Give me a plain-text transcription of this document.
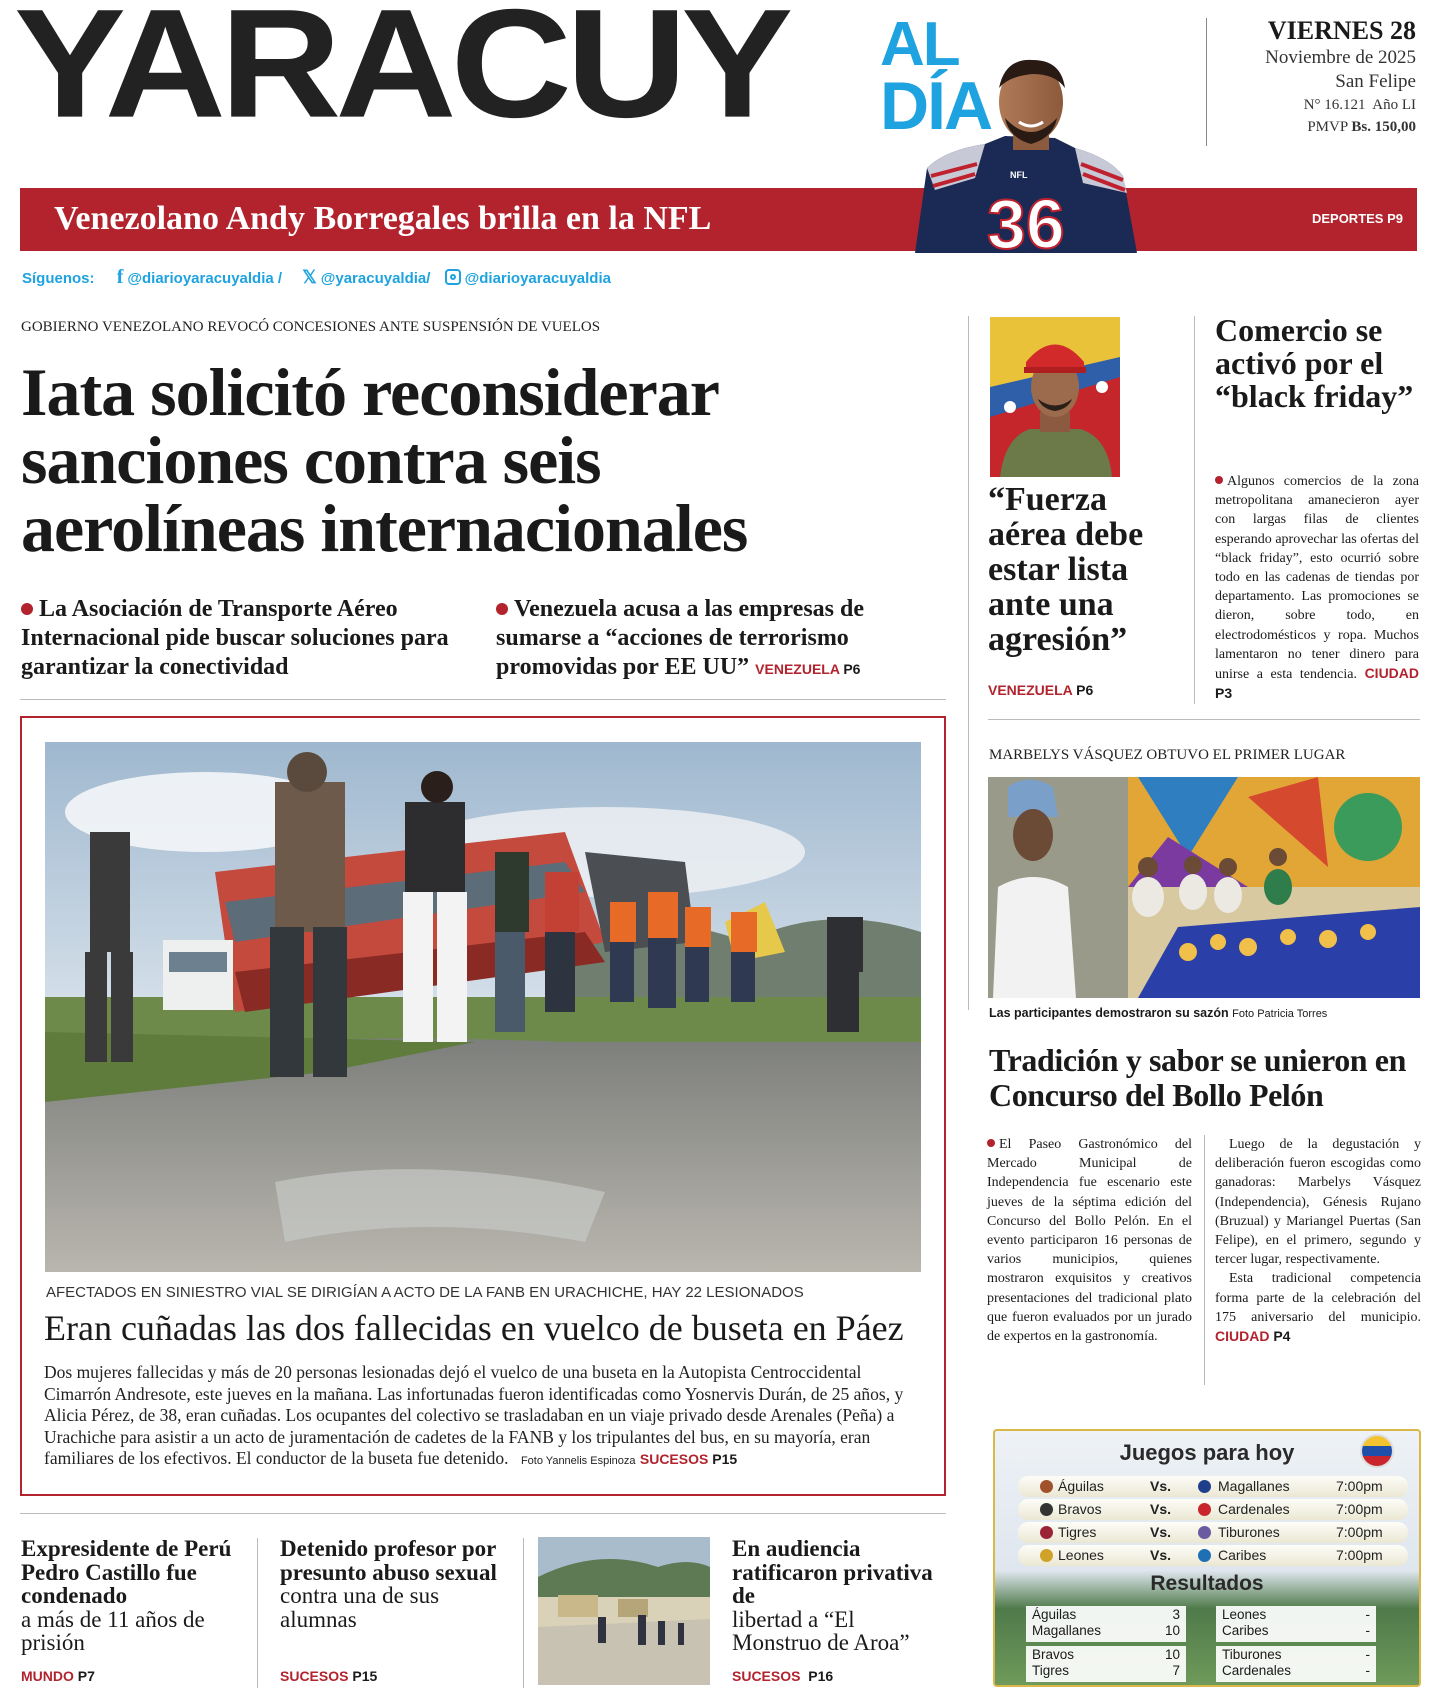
YARACUY AL
DÍA
VIERNES 28
Noviembre de 2025
San Felipe
N° 16.121 Año LI
PMVP Bs. 150,00
Venezolano Andy Borregales brilla en la NFL	DEPORTES P9
NFL
36
Síguenos: f @diarioyaracuyaldia / 𝕏 @yaracuyaldia/ @diarioyaracuyaldia
GOBIERNO VENEZOLANO REVOCÓ CONCESIONES ANTE SUSPENSIÓN DE VUELOS
Iata solicitó reconsiderar
sanciones contra seis
aerolíneas internacionales
La Asociación de Transporte Aéreo Internacional pide buscar soluciones para garantizar la conectividad
Venezuela acusa a las empresas de sumarse a “acciones de terrorismo promovidas por EE UU” VENEZUELA P6
AFECTADOS EN SINIESTRO VIAL SE DIRIGÍAN A ACTO DE LA FANB EN URACHICHE, HAY 22 LESIONADOS
Eran cuñadas las dos fallecidas en vuelco de buseta en Páez
Dos mujeres fallecidas y más de 20 personas lesionadas dejó el vuelco de una buseta en la Autopista Centroccidental Cimarrón Andresote, este jueves en la mañana. Las infortunadas fueron identificadas como Yosnervis Durán, de 25 años, y Alicia Pérez, de 38, eran cuñadas. Los ocupantes del colectivo se trasladaban en un viaje privado desde Arenales (Peña) a Urachiche para asistir a un acto de juramentación de cadetes de la FANB y los tripulantes del bus, en su mayoría, eran familiares de los efectivos. El conductor de la buseta fue detenido. Foto Yannelis Espinoza SUCESOS P15
“Fuerza aérea debe estar lista ante una agresión”
VENEZUELA P6
Comercio se activó por el “black friday”
Algunos comercios de la zona metropolitana amanecieron ayer con largas filas de clientes esperando aprovechar las ofertas del “black friday”, esto ocurrió sobre todo en las cadenas de tiendas por departamento. Las promociones se dieron, sobre todo, en electrodomésticos y ropa. Muchos lamentaron no tener dinero para unirse a esta tendencia. CIUDAD P3
MARBELYS VÁSQUEZ OBTUVO EL PRIMER LUGAR
Las participantes demostraron su sazón Foto Patricia Torres
Tradición y sabor se unieron en Concurso del Bollo Pelón
El Paseo Gastronómico del Mercado Municipal de Independencia fue escenario este jueves de la séptima edición del Concurso del Bollo Pelón. En el evento participaron 16 personas de varios municipios, quienes mostraron exquisitos y creativos presentaciones del tradicional plato que fueron evaluados por un jurado de expertos en la gastronomía.
Luego de la degustación y deliberación fueron escogidas como ganadoras: Marbelys Vásquez (Independencia), Génesis Rujano (Bruzual) y Mariangel Puertas (San Felipe), en el primero, segundo y tercer lugar, respectivamente.
Esta tradicional competencia forma parte de la celebración del 175 aniversario del municipio. CIUDAD P4
Juegos para hoy
Águilas	Vs.	Magallanes	7:00pm
Bravos	Vs.	Cardenales	7:00pm
Tigres	Vs.	Tiburones	7:00pm
Leones	Vs.	Caribes	7:00pm
Resultados
Águilas	3
Magallanes	10
Leones	-
Caribes	-
Bravos	10
Tigres	7
Tiburones	-
Cardenales	-
Expresidente de Perú Pedro Castillo fue condenado
a más de 11 años de prisión
MUNDO P7
Detenido profesor por presunto abuso sexual
contra una de sus alumnas
SUCESOS P15
En audiencia ratificaron privativa de
libertad a “El Monstruo de Aroa”
SUCESOS P16
